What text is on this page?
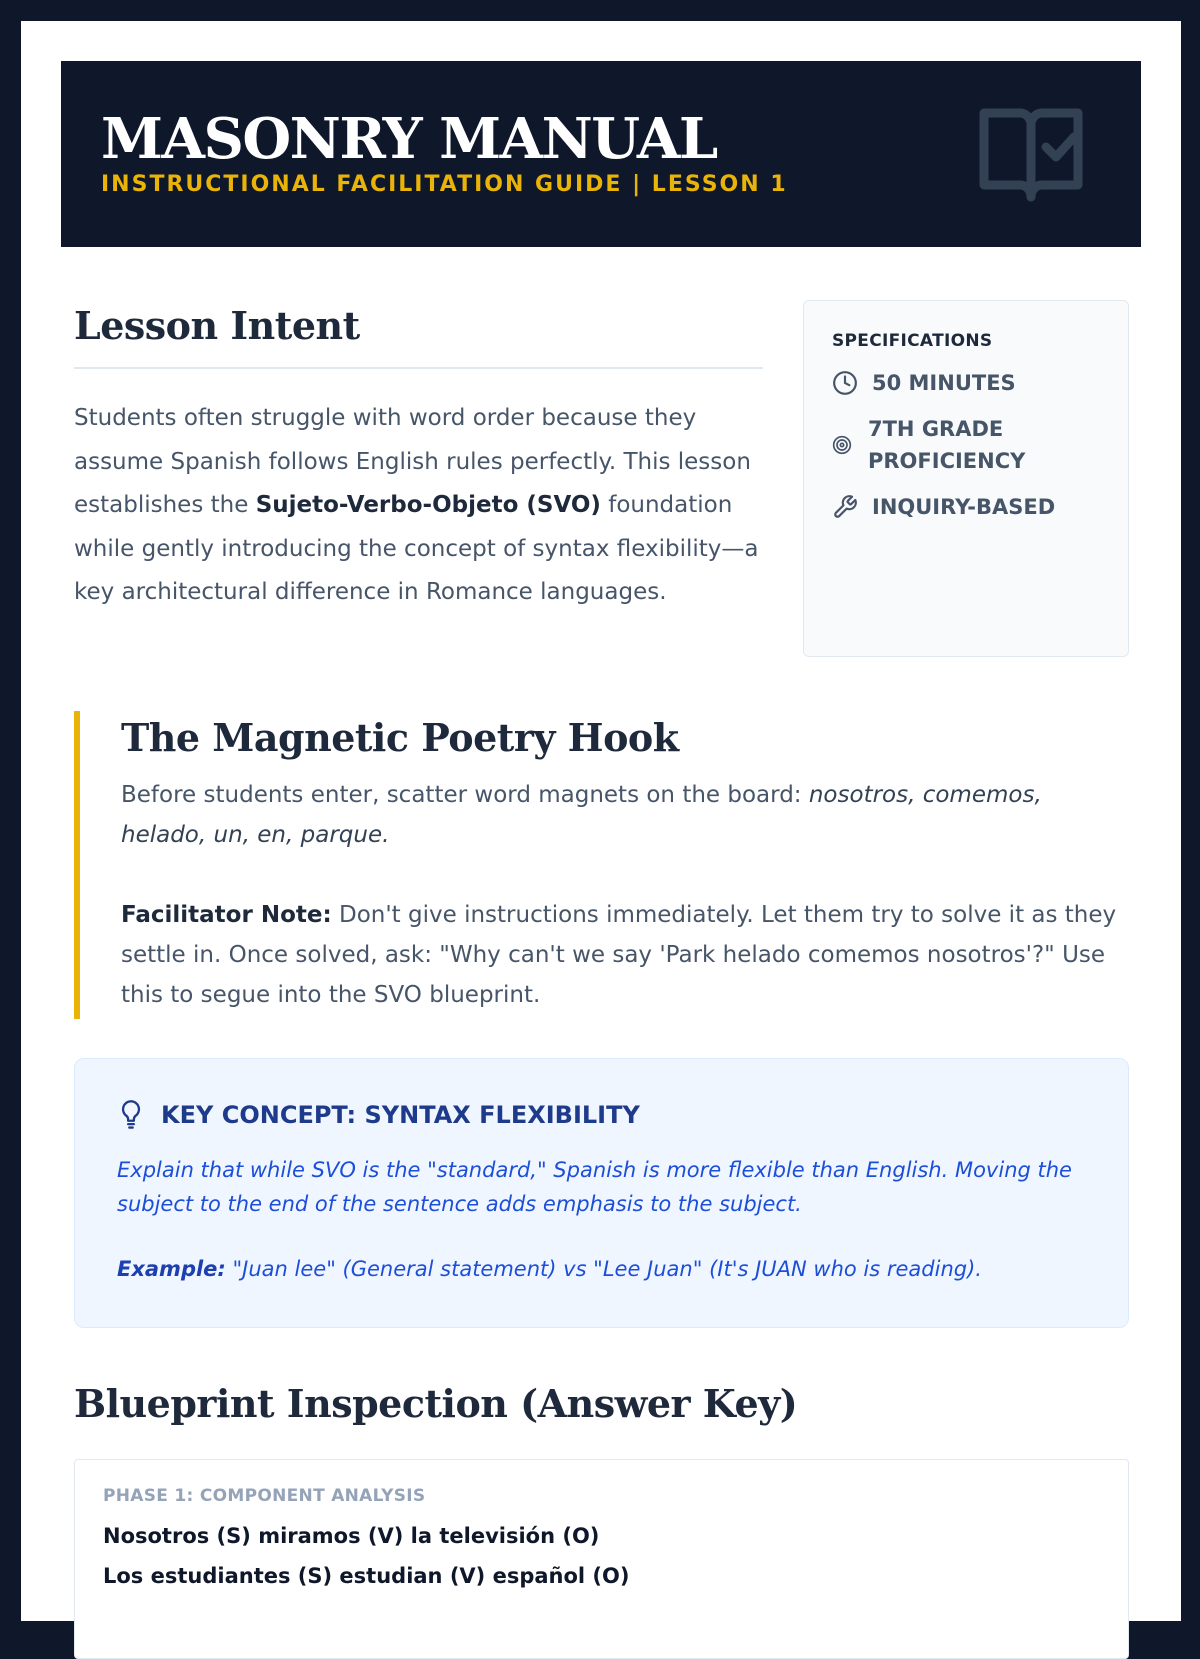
MASONRY MANUAL
INSTRUCTIONAL FACILITATION GUIDE | LESSON 1
Lesson Intent
Students often struggle with word order because they assume Spanish follows English rules perfectly. This lesson establishes the Sujeto-Verbo-Objeto (SVO) foundation while gently introducing the concept of syntax flexibility—a key architectural difference in Romance languages.
SPECIFICATIONS
50 MINUTES
7TH GRADE PROFICIENCY
INQUIRY-BASED
The Magnetic Poetry Hook
Before students enter, scatter word magnets on the board: nosotros, comemos, helado, un, en, parque.
Facilitator Note: Don't give instructions immediately. Let them try to solve it as they settle in. Once solved, ask: "Why can't we say 'Park helado comemos nosotros'?" Use this to segue into the SVO blueprint.
KEY CONCEPT: SYNTAX FLEXIBILITY
Explain that while SVO is the "standard," Spanish is more flexible than English. Moving the subject to the end of the sentence adds emphasis to the subject.
Example: "Juan lee" (General statement) vs "Lee Juan" (It's JUAN who is reading).
Blueprint Inspection (Answer Key)
PHASE 1: COMPONENT ANALYSIS
Nosotros (S) miramos (V) la televisión (O)
Los estudiantes (S) estudian (V) español (O)
